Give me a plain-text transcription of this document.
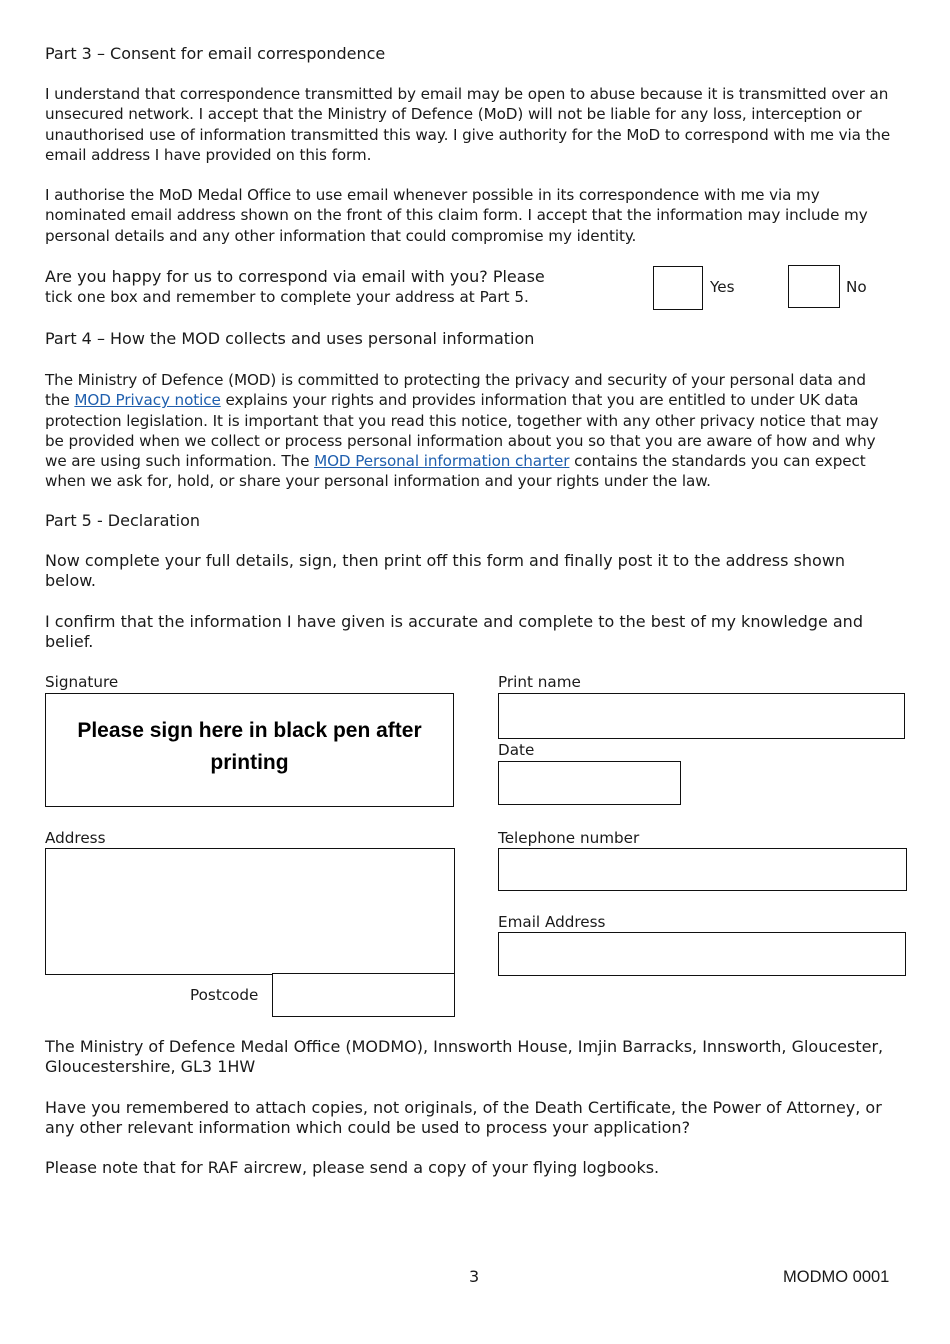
Part 3 – Consent for email correspondence
I understand that correspondence transmitted by email may be open to abuse because it is transmitted over an unsecured network. I accept that the Ministry of Defence (MoD) will not be liable for any loss, interception or unauthorised use of information transmitted this way. I give authority for the MoD to correspond with me via the email address I have provided on this form.
I authorise the MoD Medal Office to use email whenever possible in its correspondence with me via my nominated email address shown on the front of this claim form. I accept that the information may include my personal details and any other information that could compromise my identity.
Are you happy for us to correspond via email with you? Please
tick one box and remember to complete your address at Part 5.
Yes	No
Part 4 – How the MOD collects and uses personal information
The Ministry of Defence (MOD) is committed to protecting the privacy and security of your personal data and the MOD Privacy notice explains your rights and provides information that you are entitled to under UK data protection legislation. It is important that you read this notice, together with any other privacy notice that may be provided when we collect or process personal information about you so that you are aware of how and why we are using such information. The MOD Personal information charter contains the standards you can expect when we ask for, hold, or share your personal information and your rights under the law.
Part 5 - Declaration
Now complete your full details, sign, then print off this form and finally post it to the address shown below.
I confirm that the information I have given is accurate and complete to the best of my knowledge and belief.
Signature
Please sign here in black pen after printing
Print name
Date
Address
Postcode
Telephone number
Email Address
The Ministry of Defence Medal Office (MODMO), Innsworth House, Imjin Barracks, Innsworth, Gloucester, Gloucestershire, GL3 1HW
Have you remembered to attach copies, not originals, of the Death Certificate, the Power of Attorney, or any other relevant information which could be used to process your application?
Please note that for RAF aircrew, please send a copy of your flying logbooks.
3	MODMO 0001
